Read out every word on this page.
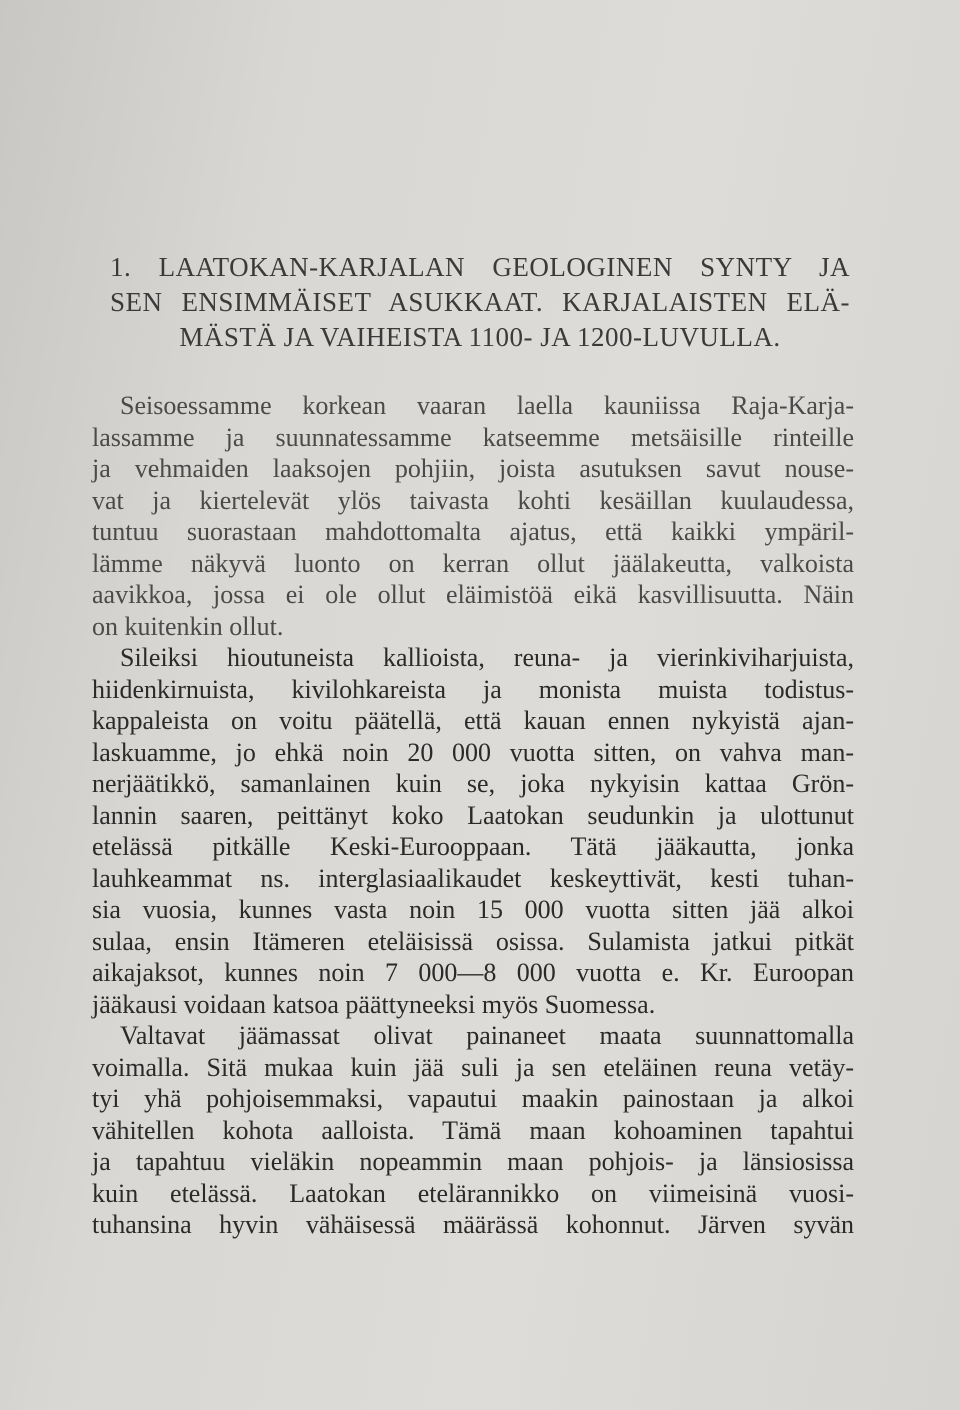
1. LAATOKAN-KARJALAN GEOLOGINEN SYNTY JA
SEN ENSIMMÄISET ASUKKAAT. KARJALAISTEN ELÄ-
MÄSTÄ JA VAIHEISTA 1100- JA 1200-LUVULLA.
Seisoessamme korkean vaaran laella kauniissa Raja-Karja-
lassamme ja suunnatessamme katseemme metsäisille rinteille
ja vehmaiden laaksojen pohjiin, joista asutuksen savut nouse-
vat ja kiertelevät ylös taivasta kohti kesäillan kuulaudessa,
tuntuu suorastaan mahdottomalta ajatus, että kaikki ympäril-
lämme näkyvä luonto on kerran ollut jäälakeutta, valkoista
aavikkoa, jossa ei ole ollut eläimistöä eikä kasvillisuutta. Näin
on kuitenkin ollut.
Sileiksi hioutuneista kallioista, reuna- ja vierinkiviharjuista,
hiidenkirnuista, kivilohkareista ja monista muista todistus-
kappaleista on voitu päätellä, että kauan ennen nykyistä ajan-
laskuamme, jo ehkä noin 20 000 vuotta sitten, on vahva man-
nerjäätikkö, samanlainen kuin se, joka nykyisin kattaa Grön-
lannin saaren, peittänyt koko Laatokan seudunkin ja ulottunut
etelässä pitkälle Keski-Eurooppaan. Tätä jääkautta, jonka
lauhkeammat ns. interglasiaalikaudet keskeyttivät, kesti tuhan-
sia vuosia, kunnes vasta noin 15 000 vuotta sitten jää alkoi
sulaa, ensin Itämeren eteläisissä osissa. Sulamista jatkui pitkät
aikajaksot, kunnes noin 7 000—8 000 vuotta e. Kr. Euroopan
jääkausi voidaan katsoa päättyneeksi myös Suomessa.
Valtavat jäämassat olivat painaneet maata suunnattomalla
voimalla. Sitä mukaa kuin jää suli ja sen eteläinen reuna vetäy-
tyi yhä pohjoisemmaksi, vapautui maakin painostaan ja alkoi
vähitellen kohota aalloista. Tämä maan kohoaminen tapahtui
ja tapahtuu vieläkin nopeammin maan pohjois- ja länsiosissa
kuin etelässä. Laatokan etelärannikko on viimeisinä vuosi-
tuhansina hyvin vähäisessä määrässä kohonnut. Järven syvän
